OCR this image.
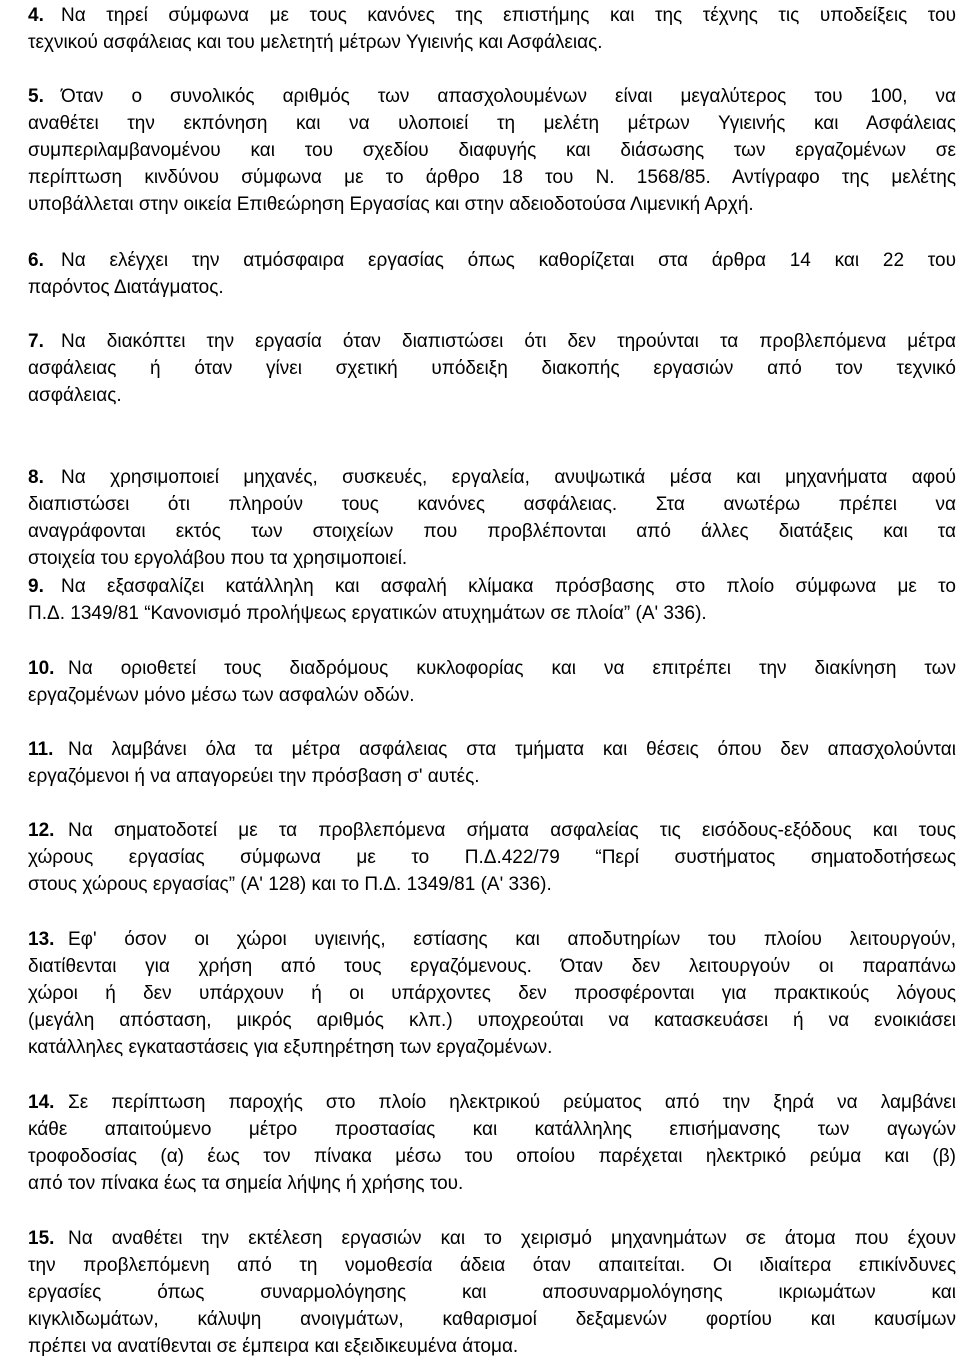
4. Να τηρεί σύμφωνα με τους κανόνες της επιστήμης και της τέχνης τις υποδείξεις του
τεχνικού ασφάλειας και του μελετητή μέτρων Υγιεινής και Ασφάλειας.
5. Όταν ο συνολικός αριθμός των απασχολουμένων είναι μεγαλύτερος του 100, να
αναθέτει την εκπόνηση και να υλοποιεί τη μελέτη μέτρων Υγιεινής και Ασφάλειας
συμπεριλαμβανομένου και του σχεδίου διαφυγής και διάσωσης των εργαζομένων σε
περίπτωση κινδύνου σύμφωνα με το άρθρο 18 του Ν. 1568/85. Αντίγραφο της μελέτης
υποβάλλεται στην οικεία Επιθεώρηση Εργασίας και στην αδειοδοτούσα Λιμενική Αρχή.
6. Να ελέγχει την ατμόσφαιρα εργασίας όπως καθορίζεται στα άρθρα 14 και 22 του
παρόντος Διατάγματος.
7. Να διακόπτει την εργασία όταν διαπιστώσει ότι δεν τηρούνται τα προβλεπόμενα μέτρα
ασφάλειας ή όταν γίνει σχετική υπόδειξη διακοπής εργασιών από τον τεχνικό
ασφάλειας.
8. Να χρησιμοποιεί μηχανές, συσκευές, εργαλεία, ανυψωτικά μέσα και μηχανήματα αφού
διαπιστώσει ότι πληρούν τους κανόνες ασφάλειας. Στα ανωτέρω πρέπει να
αναγράφονται εκτός των στοιχείων που προβλέπονται από άλλες διατάξεις και τα
στοιχεία του εργολάβου που τα χρησιμοποιεί.
9. Να εξασφαλίζει κατάλληλη και ασφαλή κλίμακα πρόσβασης στο πλοίο σύμφωνα με το
Π.Δ. 1349/81 “Κανονισμό προλήψεως εργατικών ατυχημάτων σε πλοία” (Α' 336).
10. Να οριοθετεί τους διαδρόμους κυκλοφορίας και να επιτρέπει την διακίνηση των
εργαζομένων μόνο μέσω των ασφαλών οδών.
11. Να λαμβάνει όλα τα μέτρα ασφάλειας στα τμήματα και θέσεις όπου δεν απασχολούνται
εργαζόμενοι ή να απαγορεύει την πρόσβαση σ' αυτές.
12. Να σηματοδοτεί με τα προβλεπόμενα σήματα ασφαλείας τις εισόδους-εξόδους και τους
χώρους εργασίας σύμφωνα με το Π.Δ.422/79 “Περί συστήματος σηματοδοτήσεως
στους χώρους εργασίας” (Α' 128) και το Π.Δ. 1349/81 (Α' 336).
13. Εφ' όσον οι χώροι υγιεινής, εστίασης και αποδυτηρίων του πλοίου λειτουργούν,
διατίθενται για χρήση από τους εργαζόμενους. Όταν δεν λειτουργούν οι παραπάνω
χώροι ή δεν υπάρχουν ή οι υπάρχοντες δεν προσφέρονται για πρακτικούς λόγους
(μεγάλη απόσταση, μικρός αριθμός κλπ.) υποχρεούται να κατασκευάσει ή να ενοικιάσει
κατάλληλες εγκαταστάσεις για εξυπηρέτηση των εργαζομένων.
14. Σε περίπτωση παροχής στο πλοίο ηλεκτρικού ρεύματος από την ξηρά να λαμβάνει
κάθε απαιτούμενο μέτρο προστασίας και κατάλληλης επισήμανσης των αγωγών
τροφοδοσίας (α) έως τον πίνακα μέσω του οποίου παρέχεται ηλεκτρικό ρεύμα και (β)
από τον πίνακα έως τα σημεία λήψης ή χρήσης του.
15. Να αναθέτει την εκτέλεση εργασιών και το χειρισμό μηχανημάτων σε άτομα που έχουν
την προβλεπόμενη από τη νομοθεσία άδεια όταν απαιτείται. Οι ιδιαίτερα επικίνδυνες
εργασίες όπως συναρμολόγησης και αποσυναρμολόγησης ικριωμάτων και
κιγκλιδωμάτων, κάλυψη ανοιγμάτων, καθαρισμοί δεξαμενών φορτίου και καυσίμων
πρέπει να ανατίθενται σε έμπειρα και εξειδικευμένα άτομα.
